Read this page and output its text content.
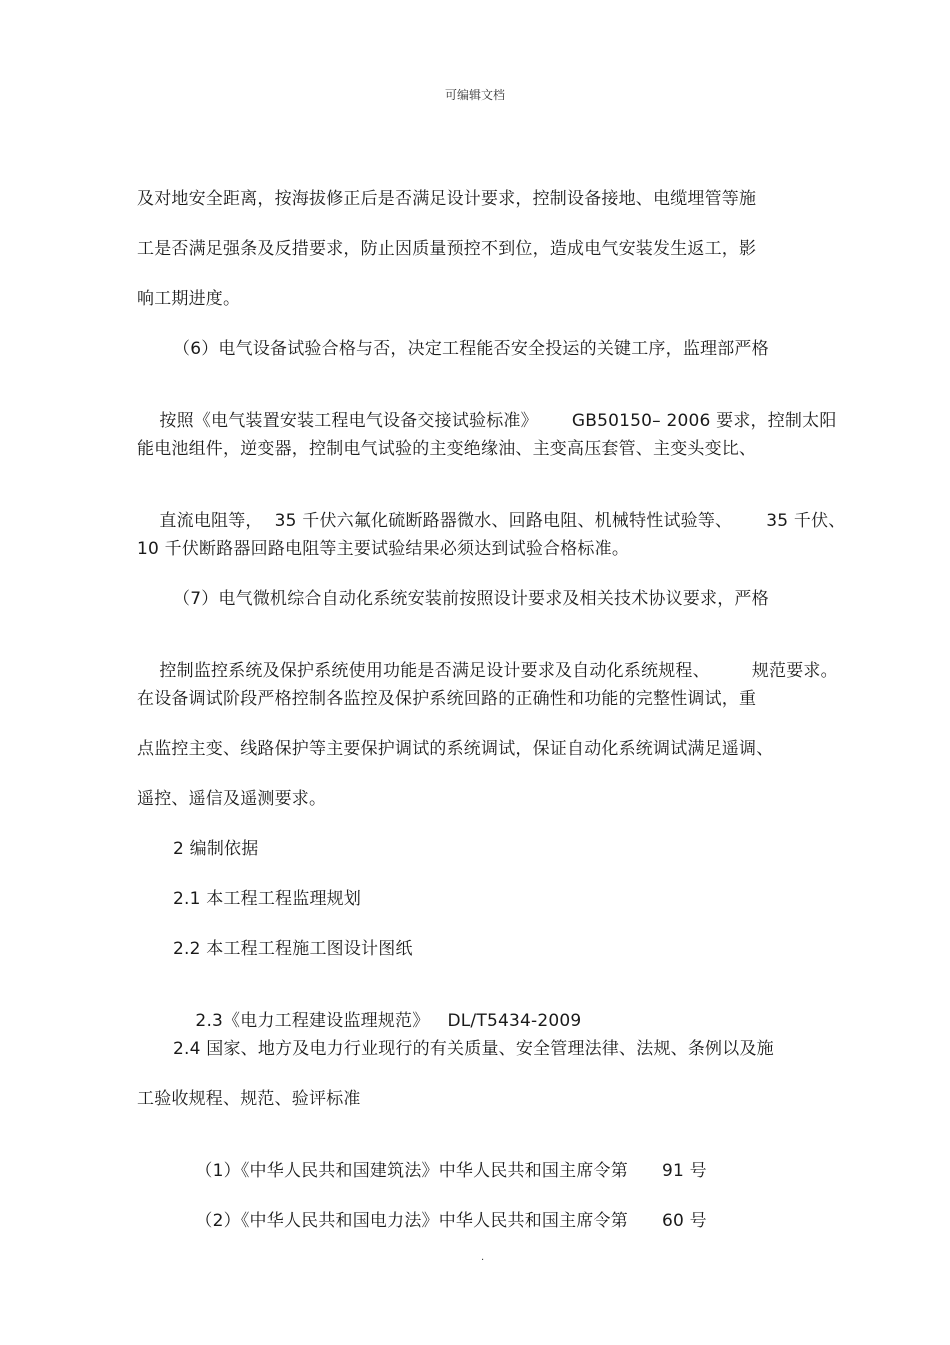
可编辑文档
及对地安全距离，按海拔修正后是否满足设计要求，控制设备接地、电缆埋管等施
工是否满足强条及反措要求，防止因质量预控不到位，造成电气安装发生返工，影
响工期进度。
（6）电气设备试验合格与否，决定工程能否安全投运的关键工序，监理部严格

按照《电气装置安装工程电气设备交接试验标准》 GB50150– 2006 要求，控制太阳

能电池组件，逆变器，控制电气试验的主变绝缘油、主变高压套管、主变头变比、

直流电阻等， 35 千伏六氟化硫断路器微水、回路电阻、机械特性试验等、 35 千伏、

10 千伏断路器回路电阻等主要试验结果必须达到试验合格标准。
（7）电气微机综合自动化系统安装前按照设计要求及相关技术协议要求，严格

控制监控系统及保护系统使用功能是否满足设计要求及自动化系统规程、 规范要求。

在设备调试阶段严格控制各监控及保护系统回路的正确性和功能的完整性调试，重
点监控主变、线路保护等主要保护调试的系统调试，保证自动化系统调试满足遥调、
遥控、遥信及遥测要求。
2 编制依据
2.1 本工程工程监理规划
2.2 本工程工程施工图设计图纸

2.3《电力工程建设监理规范》 DL/T5434-2009

2.4 国家、地方及电力行业现行的有关质量、安全管理法律、法规、条例以及施
工验收规程、规范、验评标准

（1）《中华人民共和国建筑法》中华人民共和国主席令第 91 号

（2）《中华人民共和国电力法》中华人民共和国主席令第 60 号

.
